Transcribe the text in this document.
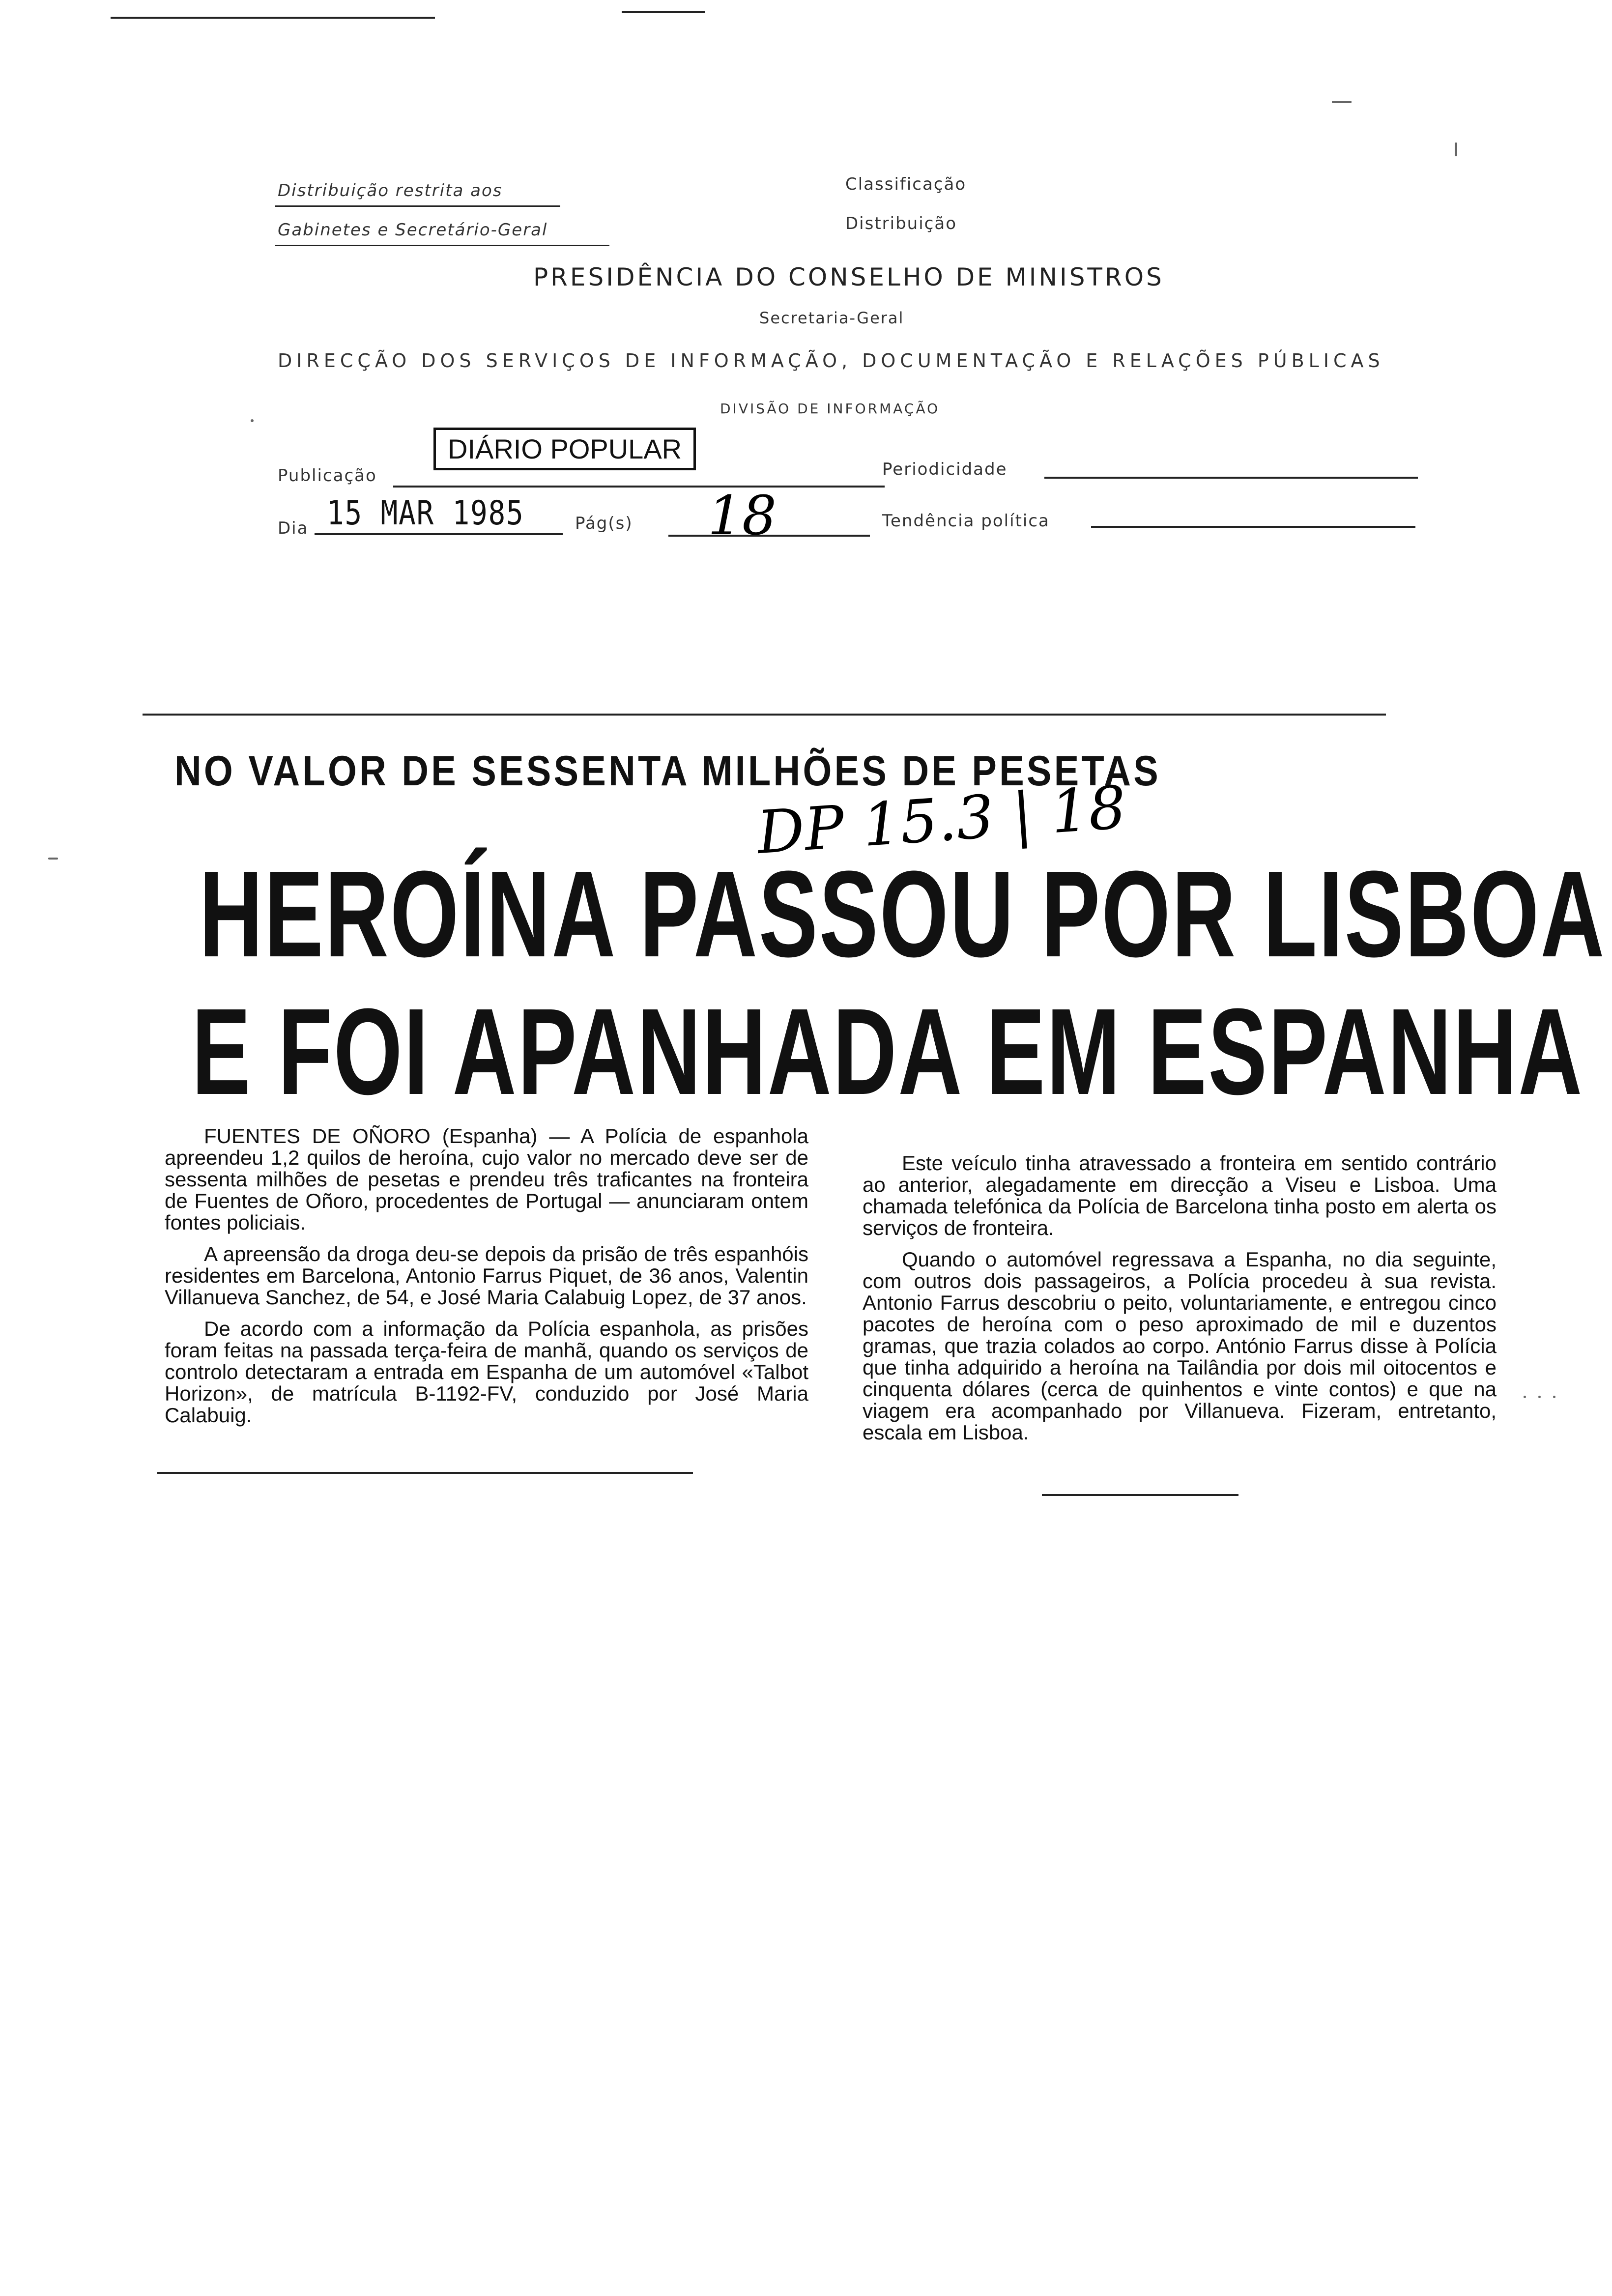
Distribuição restrita aos
Gabinetes e Secretário-Geral
Classificação
Distribuição
PRESIDÊNCIA DO CONSELHO DE MINISTROS
Secretaria-Geral
DIRECÇÃO DOS SERVIÇOS DE INFORMAÇÃO, DOCUMENTAÇÃO E RELAÇÕES PÚBLICAS
DIVISÃO DE INFORMAÇÃO
DIÁRIO POPULAR
Publicação	Periodicidade
Dia 15 MAR 1985	Pág(s) 18	Tendência política
NO VALOR DE SESSENTA MILHÕES DE PESETAS
DP 15.3 | 18
HEROÍNA PASSOU POR LISBOA
E FOI APANHADA EM ESPANHA

FUENTES DE OÑORO (Espanha) — A Polícia de espanhola apreendeu 1,2 quilos de heroína, cujo valor no mercado deve ser de sessenta milhões de pesetas e prendeu três traficantes na fronteira de Fuentes de Oñoro, procedentes de Portugal — anunciaram ontem fontes policiais.

A apreensão da droga deu-se depois da prisão de três espanhóis residentes em Barcelona, Antonio Farrus Piquet, de 36 anos, Valentin Villanueva Sanchez, de 54, e José Maria Calabuig Lopez, de 37 anos.

De acordo com a informação da Polícia espanhola, as prisões foram feitas na passada terça-feira de manhã, quando os serviços de controlo detectaram a entrada em Espanha de um automóvel «Talbot Horizon», de matrícula B-1192-FV, conduzido por José Maria Calabuig.

Este veículo tinha atravessado a fronteira em sentido contrário ao anterior, alegadamente em direcção a Viseu e Lisboa. Uma chamada telefónica da Polícia de Barcelona tinha posto em alerta os serviços de fronteira.

Quando o automóvel regressava a Espanha, no dia seguinte, com outros dois passageiros, a Polícia procedeu à sua revista. Antonio Farrus descobriu o peito, voluntariamente, e entregou cinco pacotes de heroína com o peso aproximado de mil e duzentos gramas, que trazia colados ao corpo. António Farrus disse à Polícia que tinha adquirido a heroína na Tailândia por dois mil oitocentos e cinquenta dólares (cerca de quinhentos e vinte contos) e que na viagem era acompanhado por Villanueva. Fizeram, entretanto, escala em Lisboa.
